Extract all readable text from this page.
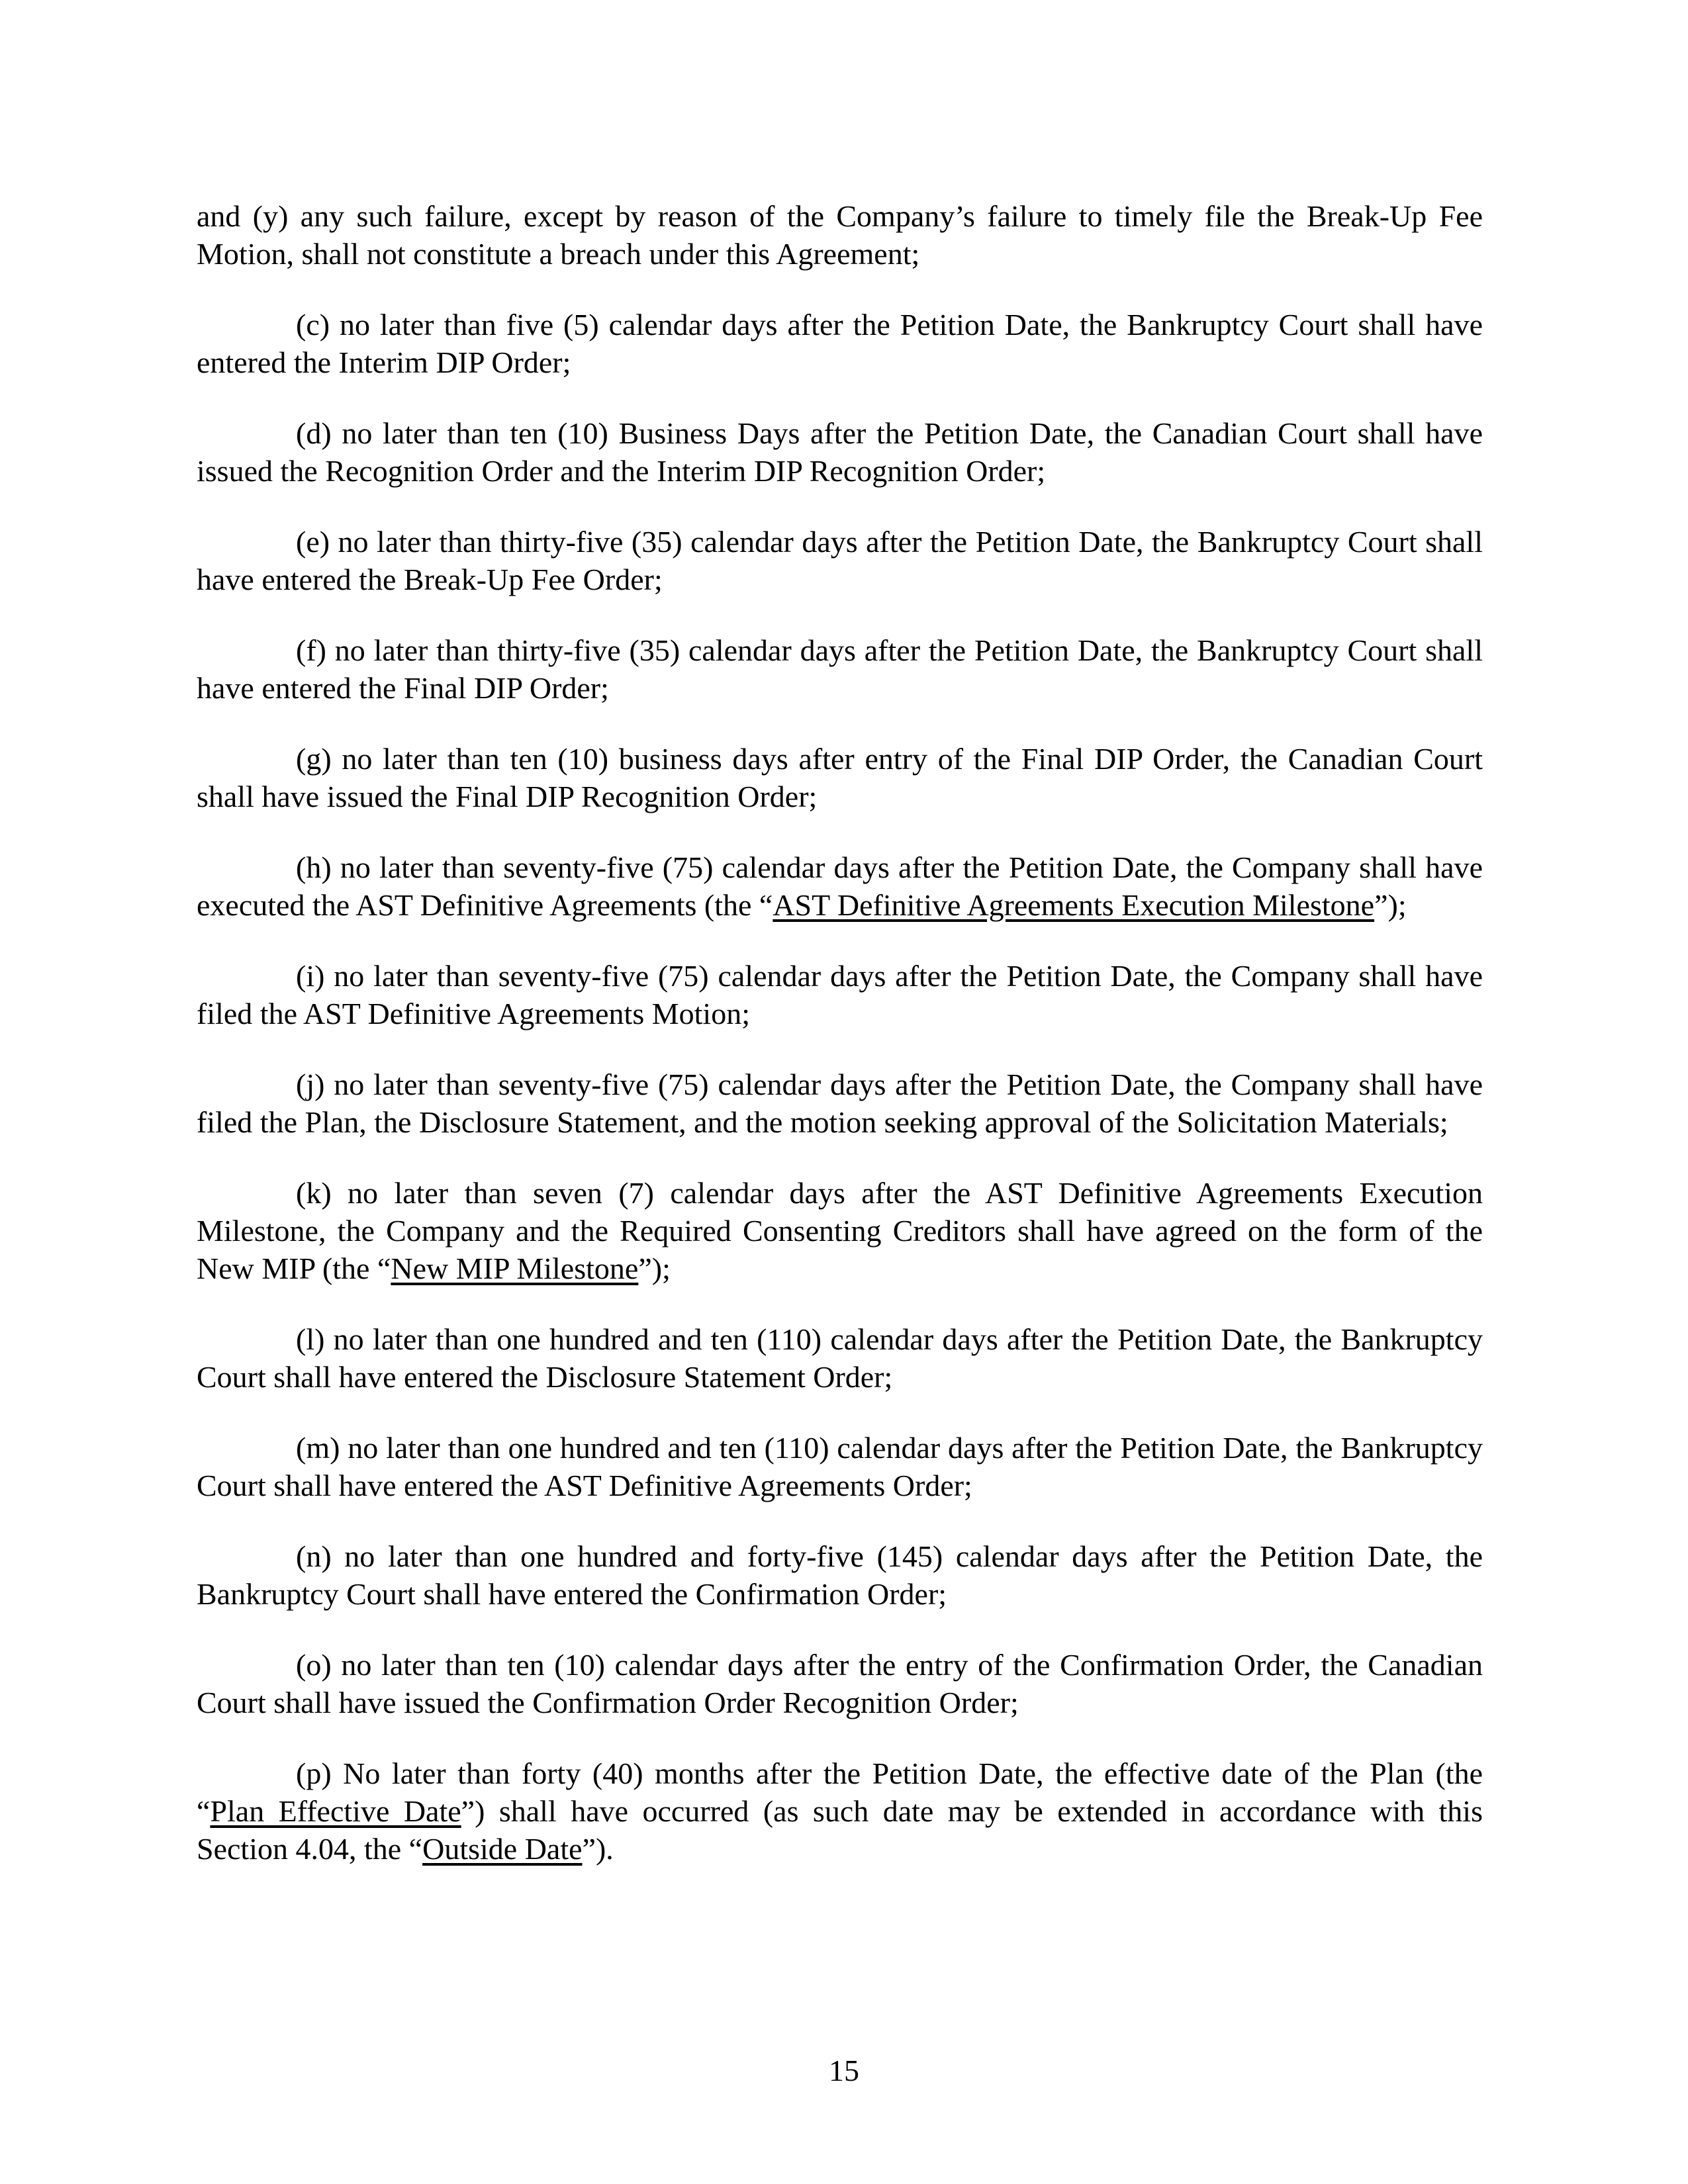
and (y) any such failure, except by reason of the Company’s failure to timely file the Break-Up Fee Motion, shall not constitute a breach under this Agreement;

(c) no later than five (5) calendar days after the Petition Date, the Bankruptcy Court shall have entered the Interim DIP Order;

(d) no later than ten (10) Business Days after the Petition Date, the Canadian Court shall have issued the Recognition Order and the Interim DIP Recognition Order;

(e) no later than thirty-five (35) calendar days after the Petition Date, the Bankruptcy Court shall have entered the Break-Up Fee Order;

(f) no later than thirty-five (35) calendar days after the Petition Date, the Bankruptcy Court shall have entered the Final DIP Order;

(g) no later than ten (10) business days after entry of the Final DIP Order, the Canadian Court shall have issued the Final DIP Recognition Order;

(h) no later than seventy-five (75) calendar days after the Petition Date, the Company shall have executed the AST Definitive Agreements (the “AST Definitive Agreements Execution Milestone”);

(i) no later than seventy-five (75) calendar days after the Petition Date, the Company shall have filed the AST Definitive Agreements Motion;

(j) no later than seventy-five (75) calendar days after the Petition Date, the Company shall have filed the Plan, the Disclosure Statement, and the motion seeking approval of the Solicitation Materials;

(k) no later than seven (7) calendar days after the AST Definitive Agreements Execution Milestone, the Company and the Required Consenting Creditors shall have agreed on the form of the New MIP (the “New MIP Milestone”);

(l) no later than one hundred and ten (110) calendar days after the Petition Date, the Bankruptcy Court shall have entered the Disclosure Statement Order;

(m) no later than one hundred and ten (110) calendar days after the Petition Date, the Bankruptcy Court shall have entered the AST Definitive Agreements Order;

(n) no later than one hundred and forty-five (145) calendar days after the Petition Date, the Bankruptcy Court shall have entered the Confirmation Order;

(o) no later than ten (10) calendar days after the entry of the Confirmation Order, the Canadian Court shall have issued the Confirmation Order Recognition Order;

(p) No later than forty (40) months after the Petition Date, the effective date of the Plan (the “Plan Effective Date”) shall have occurred (as such date may be extended in accordance with this Section 4.04, the “Outside Date”).

15
